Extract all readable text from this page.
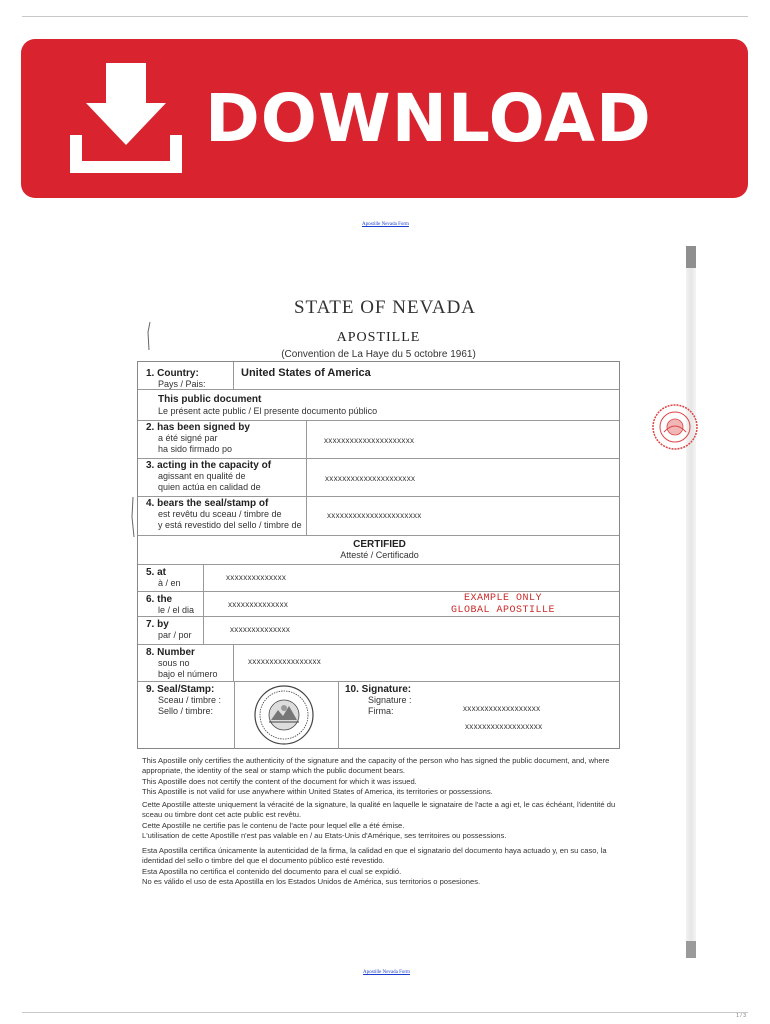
DOWNLOAD
Apostille Nevada Form
STATE OF NEVADA
APOSTILLE
(Convention de La Haye du 5 octobre 1961)
1. Country:
Pays / Pais:
United States of America
This public document
Le présent acte public / El presente documento público
2. has been signed by
a été signé par
ha sido firmado po
xxxxxxxxxxxxxxxxxxxxx
3. acting in the capacity of
agissant en qualité de
quien actúa en calidad de
xxxxxxxxxxxxxxxxxxxxx
4. bears the seal/stamp of
est revêtu du sceau / timbre de
y está revestido del sello / timbre de
xxxxxxxxxxxxxxxxxxxxxx
CERTIFIED
Attesté / Certificado
5. at
à / en
xxxxxxxxxxxxxx
6. the
le / el dia
xxxxxxxxxxxxxx
EXAMPLE ONLY
GLOBAL APOSTILLE
7. by
par / por
xxxxxxxxxxxxxx
8. Number
sous no
bajo el número
xxxxxxxxxxxxxxxxx
9. Seal/Stamp:
Sceau / timbre :
Sello / timbre:
10. Signature:
Signature :
Firma:	xxxxxxxxxxxxxxxxxx
xxxxxxxxxxxxxxxxxx
This Apostille only certifies the authenticity of the signature and the capacity of the person who has signed the public document, and, where
appropriate, the identity of the seal or stamp which the public document bears.
This Apostille does not certify the content of the document for which it was issued.
This Apostille is not valid for use anywhere within United States of America, its territories or possessions.
Cette Apostille atteste uniquement la véracité de la signature, la qualité en laquelle le signataire de l'acte a agi et, le cas échéant, l'identité du
sceau ou timbre dont cet acte public est revêtu.
Cette Apostille ne certifie pas le contenu de l'acte pour lequel elle a été émise.
L'utilisation de cette Apostille n'est pas valable en / au Etats-Unis d'Amérique, ses territoires ou possessions.
Esta Apostilla certifica únicamente la autenticidad de la firma, la calidad en que el signatario del documento haya actuado y, en su caso, la
identidad del sello o timbre del que el documento público esté revestido.
Esta Apostilla no certifica el contenido del documento para el cual se expidió.
No es válido el uso de esta Apostilla en los Estados Unidos de América, sus territorios o posesiones.
Apostille Nevada Form
1 / 3
